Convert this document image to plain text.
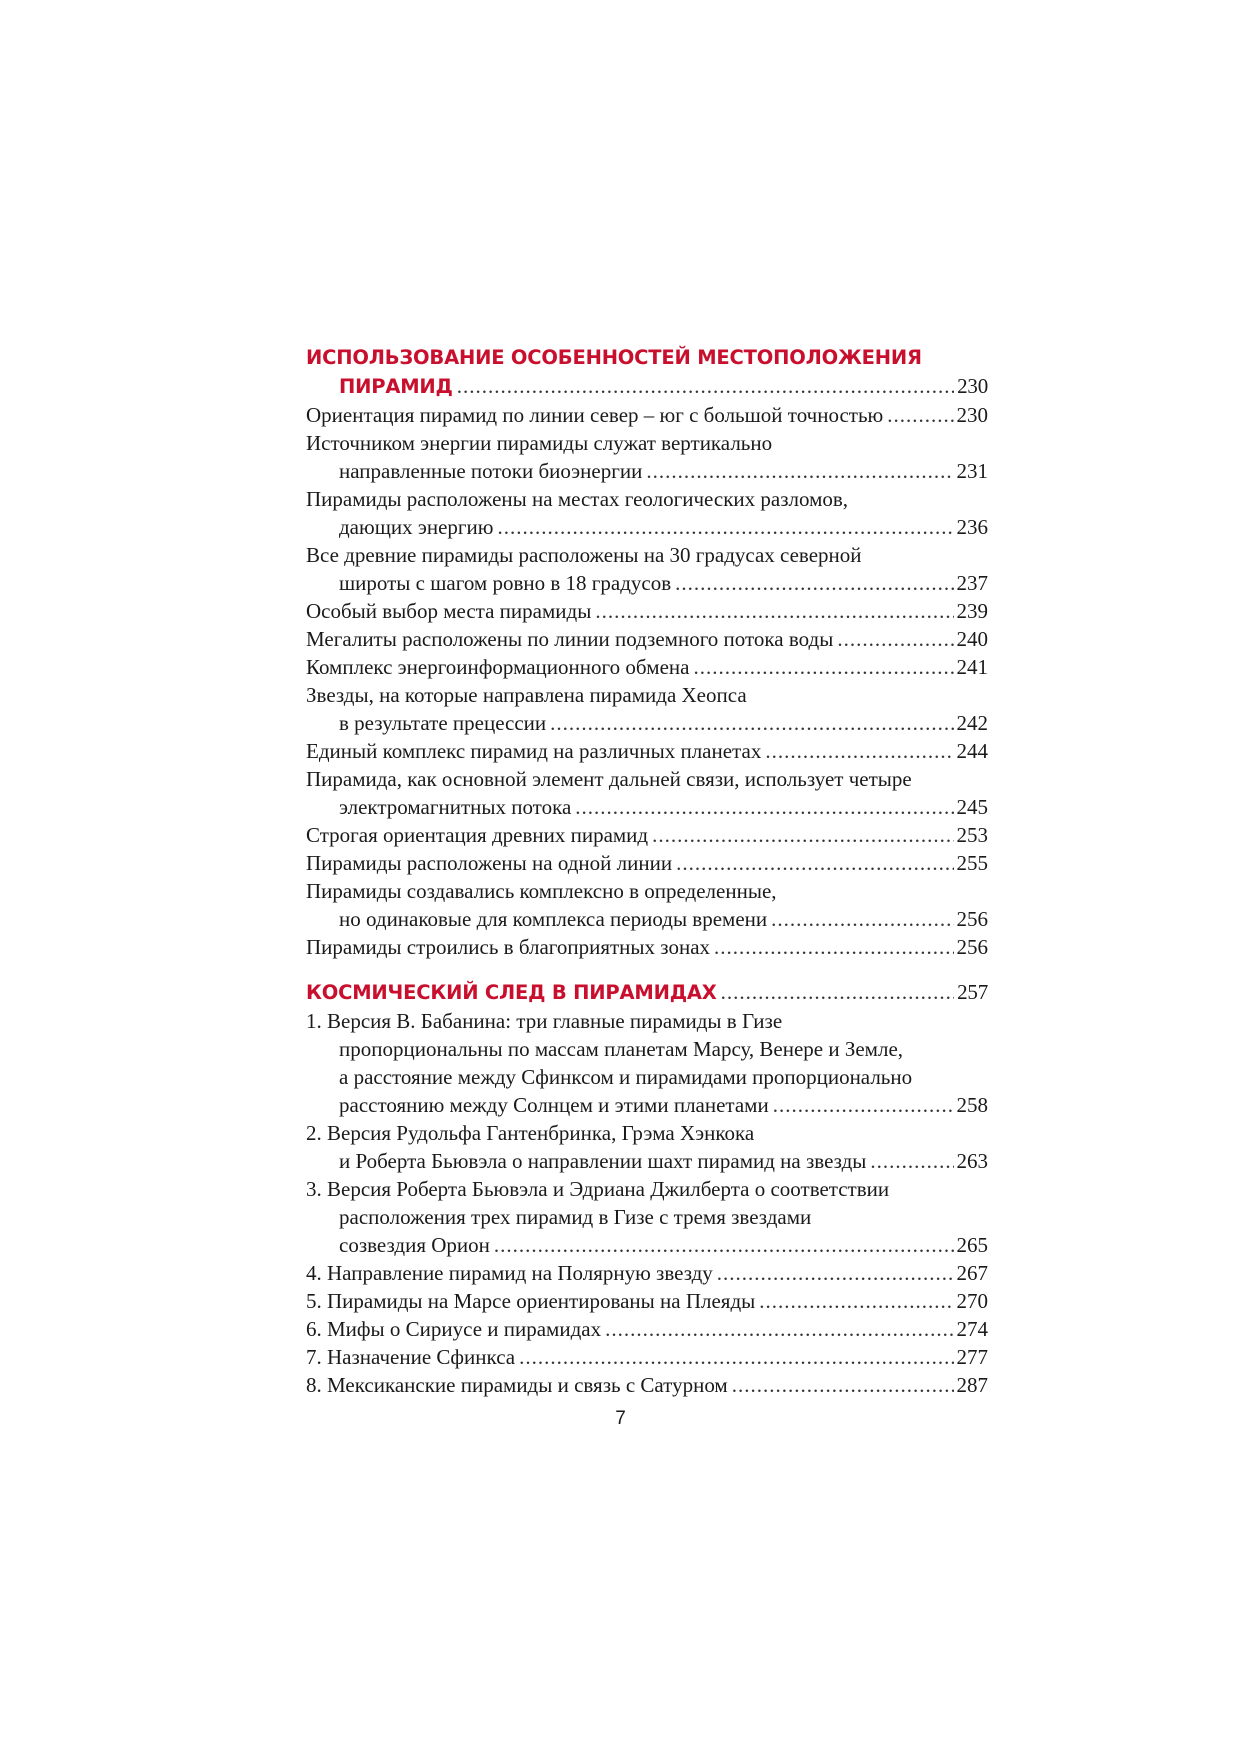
ИСПОЛЬЗОВАНИЕ ОСОБЕННОСТЕЙ МЕСТОПОЛОЖЕНИЯ
ПИРАМИД .....	230
Ориентация пирамид по линии север – юг с большой точностью .....	230
Источником энергии пирамиды служат вертикально
направленные потоки биоэнергии .....	231
Пирамиды расположены на местах геологических разломов,
дающих энергию .....	236
Все древние пирамиды расположены на 30 градусах северной
широты с шагом ровно в 18 градусов .....	237
Особый выбор места пирамиды .....	239
Мегалиты расположены по линии подземного потока воды .....	240
Комплекс энергоинформационного обмена .....	241
Звезды, на которые направлена пирамида Хеопса
в результате прецессии .....	242
Единый комплекс пирамид на различных планетах .....	244
Пирамида, как основной элемент дальней связи, использует четыре
электромагнитных потока .....	245
Строгая ориентация древних пирамид .....	253
Пирамиды расположены на одной линии .....	255
Пирамиды создавались комплексно в определенные,
но одинаковые для комплекса периоды времени .....	256
Пирамиды строились в благоприятных зонах .....	256
КОСМИЧЕСКИЙ СЛЕД В ПИРАМИДАХ .....	257
1. Версия В. Бабанина: три главные пирамиды в Гизе
пропорциональны по массам планетам Марсу, Венере и Земле,
а расстояние между Сфинксом и пирамидами пропорционально
расстоянию между Солнцем и этими планетами .....	258
2. Версия Рудольфа Гантенбринка, Грэма Хэнкока
и Роберта Бьювэла о направлении шахт пирамид на звезды .....	263
3. Версия Роберта Бьювэла и Эдриана Джилберта о соответствии
расположения трех пирамид в Гизе с тремя звездами
созвездия Орион .....	265
4. Направление пирамид на Полярную звезду .....	267
5. Пирамиды на Марсе ориентированы на Плеяды .....	270
6. Мифы о Сириусе и пирамидах .....	274
7. Назначение Сфинкса .....	277
8. Мексиканские пирамиды и связь с Сатурном .....	287
7
